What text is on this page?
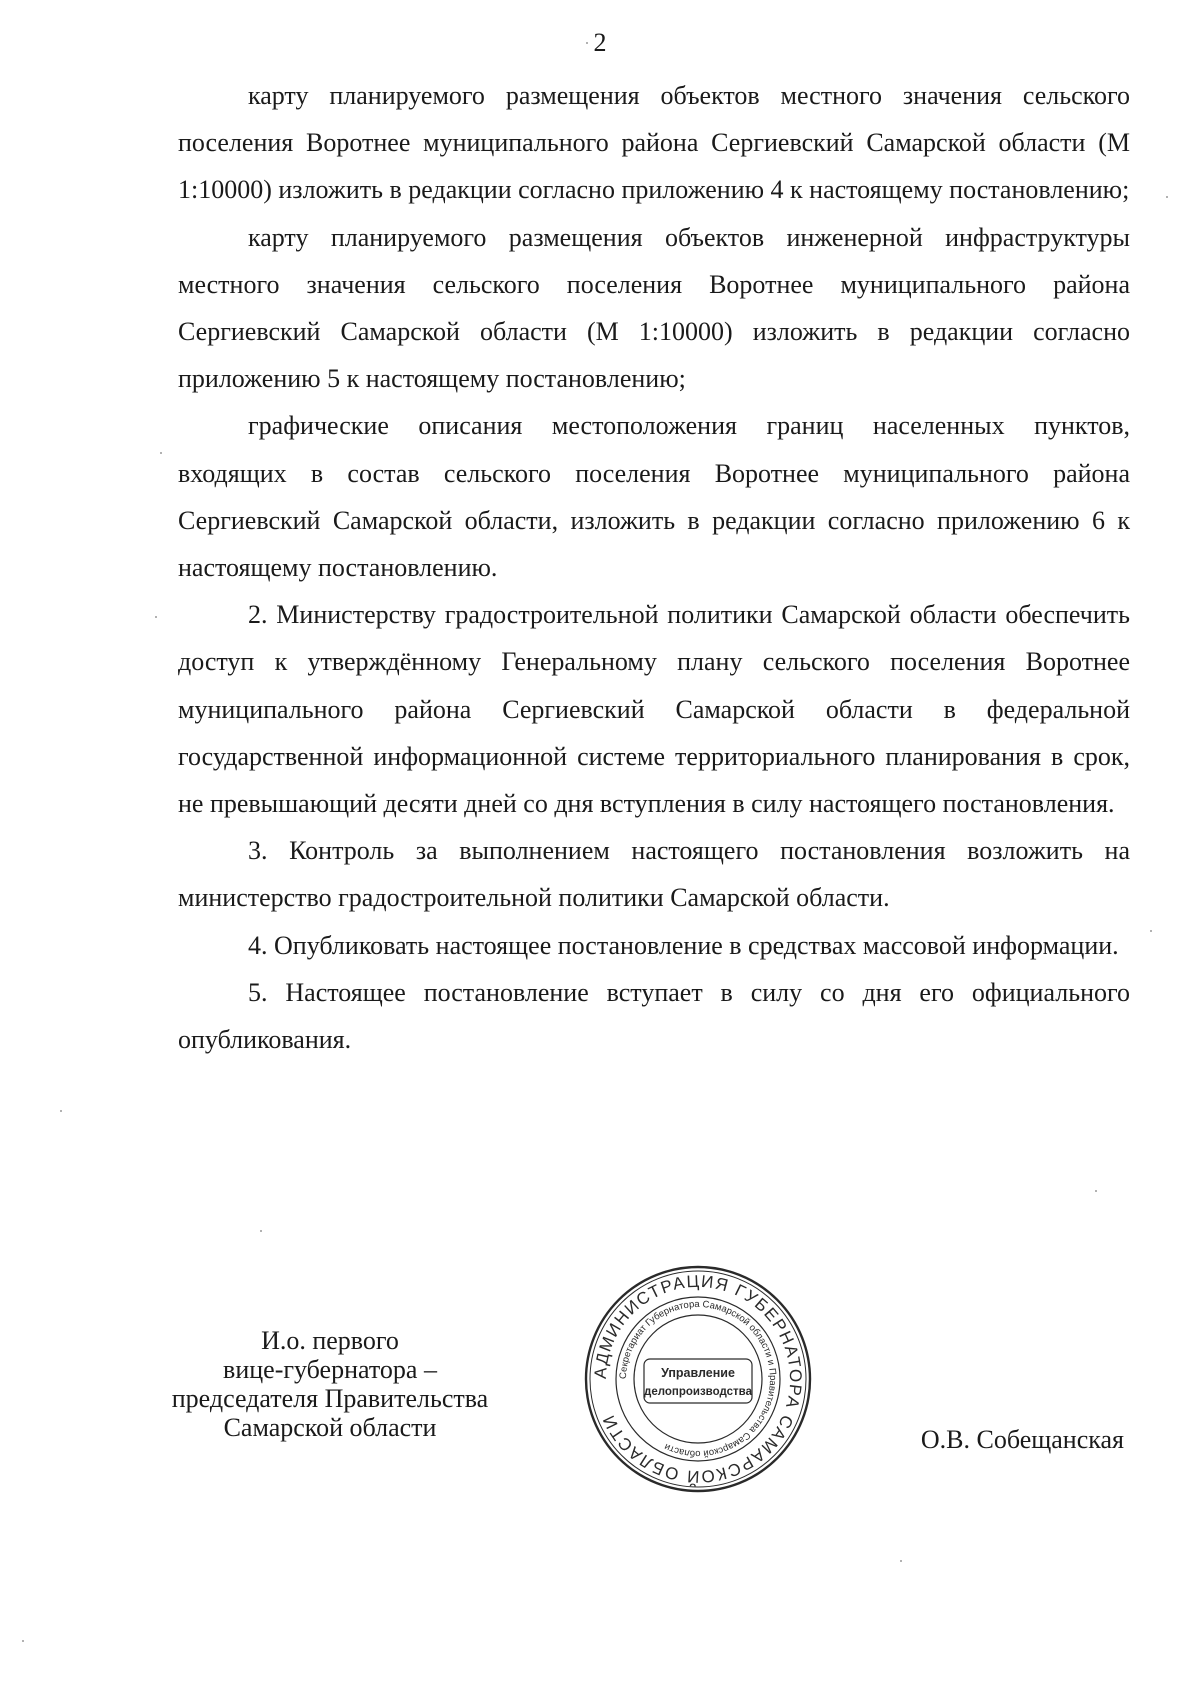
2

карту планируемого размещения объектов местного значения сельского поселения Воротнее муниципального района Сергиевский Самарской области (М 1:10000) изложить в редакции согласно приложению 4 к настоящему постановлению;

карту планируемого размещения объектов инженерной инфраструктуры местного значения сельского поселения Воротнее муниципального района Сергиевский Самарской области (М 1:10000) изложить в редакции согласно приложению 5 к настоящему постановлению;

графические описания местоположения границ населенных пунктов, входящих в состав сельского поселения Воротнее муниципального района Сергиевский Самарской области, изложить в редакции согласно приложению 6 к настоящему постановлению.

2. Министерству градостроительной политики Самарской области обеспечить доступ к утверждённому Генеральному плану сельского поселения Воротнее муниципального района Сергиевский Самарской области в федеральной государственной информационной системе территориального планирования в срок, не превышающий десяти дней со дня вступления в силу настоящего постановления.

3. Контроль за выполнением настоящего постановления возложить на министерство градостроительной политики Самарской области.

4. Опубликовать настоящее постановление в средствах массовой информации.

5. Настоящее постановление вступает в силу со дня его официального опубликования.

И.о. первого
вице-губернатора –
председателя Правительства
Самарской области
АДМИНИСТРАЦИЯ ГУБЕРНАТОРА САМАРСКОЙ ОБЛАСТИ
Секретариат Губернатора Самарской области и Правительства Самарской области
Управление
делопроизводства
О.В. Собещанская
